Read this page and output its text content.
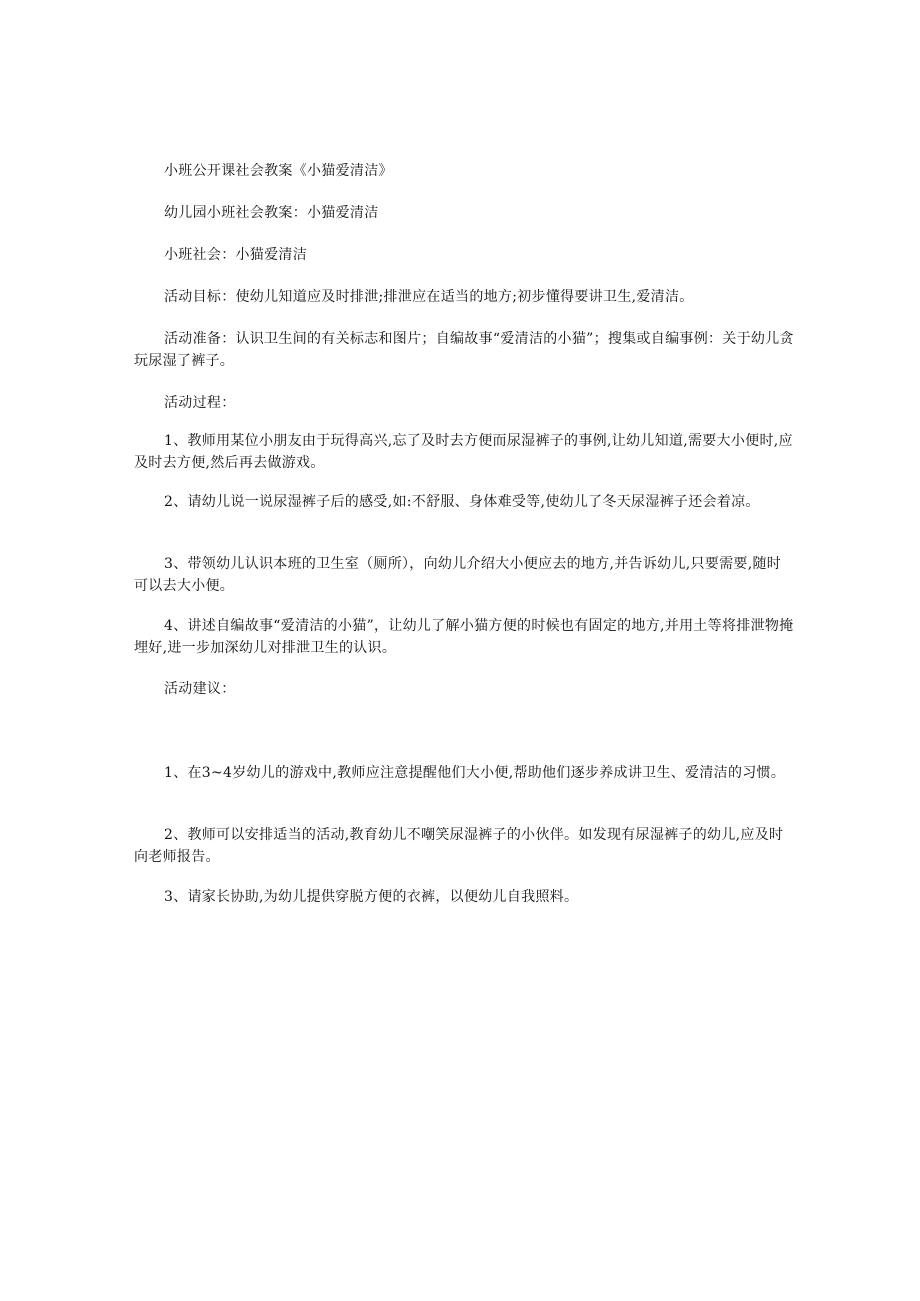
小班公开课社会教案《小猫爱清洁》

幼儿园小班社会教案：小猫爱清洁

小班社会：小猫爱清洁

活动目标：使幼儿知道应及时排泄;排泄应在适当的地方;初步懂得要讲卫生,爱清洁。

活动准备：认识卫生间的有关标志和图片；自编故事“爱清洁的小猫”；搜集或自编事例：关于幼儿贪玩尿湿了裤子。

活动过程：

1、教师用某位小朋友由于玩得高兴,忘了及时去方便而尿湿裤子的事例,让幼儿知道,需要大小便时,应及时去方便,然后再去做游戏。

2、请幼儿说一说尿湿裤子后的感受,如:不舒服、身体难受等,使幼儿了冬天尿湿裤子还会着凉。

3、带领幼儿认识本班的卫生室（厕所），向幼儿介绍大小便应去的地方,并告诉幼儿,只要需要,随时可以去大小便。

4、讲述自编故事“爱清洁的小猫”，让幼儿了解小猫方便的时候也有固定的地方,并用土等将排泄物掩埋好,进一步加深幼儿对排泄卫生的认识。

活动建议：

1、在3~4岁幼儿的游戏中,教师应注意提醒他们大小便,帮助他们逐步养成讲卫生、爱清洁的习惯。

2、教师可以安排适当的活动,教育幼儿不嘲笑尿湿裤子的小伙伴。如发现有尿湿裤子的幼儿,应及时向老师报告。

3、请家长协助,为幼儿提供穿脱方便的衣裤，以便幼儿自我照料。
